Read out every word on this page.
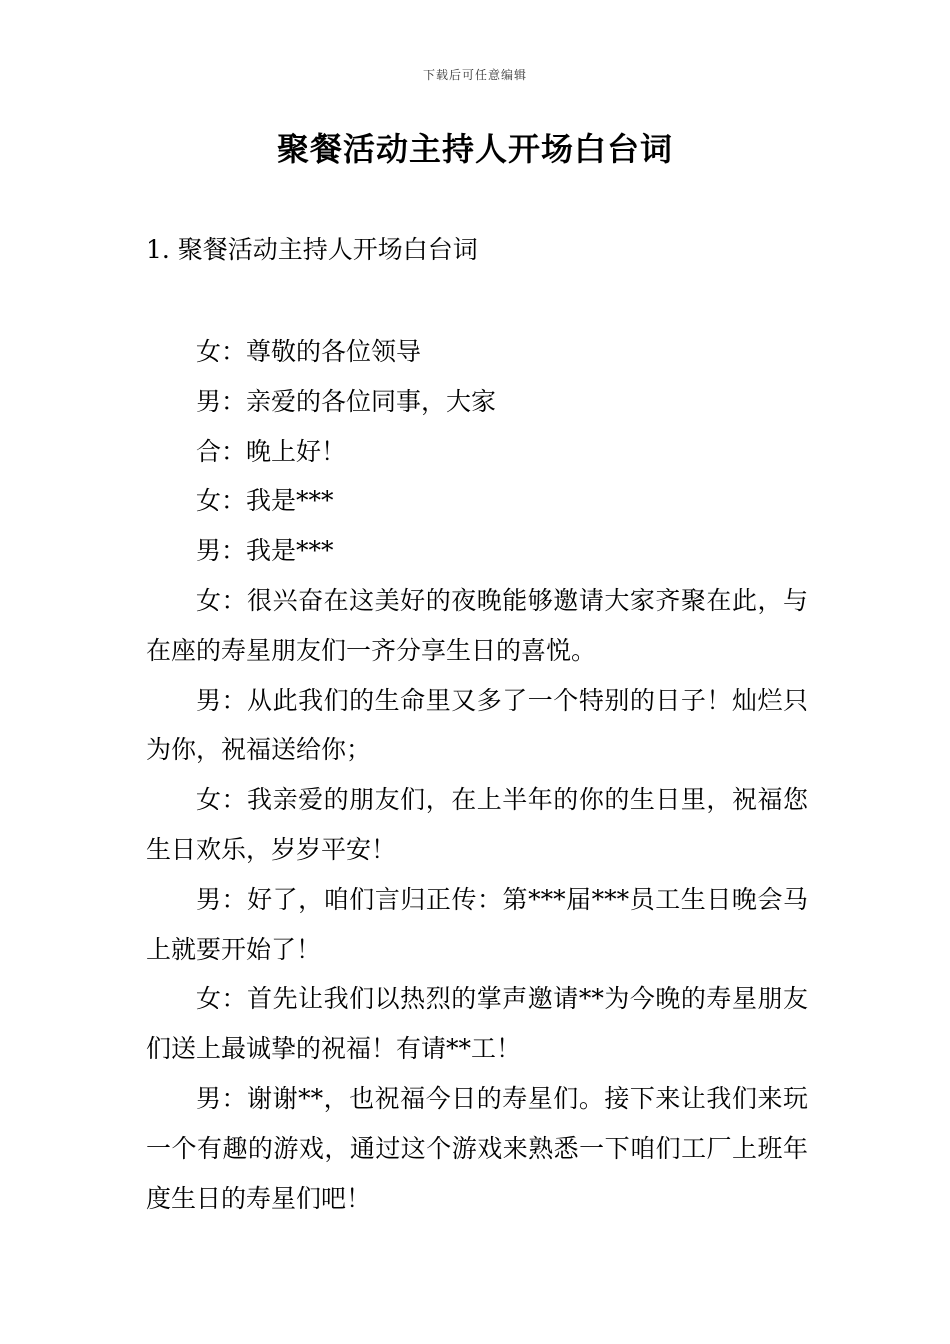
下载后可任意编辑
聚餐活动主持人开场白台词
1. 聚餐活动主持人开场白台词

女：尊敬的各位领导

男：亲爱的各位同事，大家

合：晚上好！

女：我是***

男：我是***

女：很兴奋在这美好的夜晚能够邀请大家齐聚在此，与在座的寿星朋友们一齐分享生日的喜悦。

男：从此我们的生命里又多了一个特别的日子！灿烂只为你，祝福送给你；

女：我亲爱的朋友们，在上半年的你的生日里，祝福您生日欢乐，岁岁平安！

男：好了，咱们言归正传：第***届***员工生日晚会马上就要开始了！

女：首先让我们以热烈的掌声邀请**为今晚的寿星朋友们送上最诚挚的祝福！有请**工！

男：谢谢**，也祝福今日的寿星们。接下来让我们来玩一个有趣的游戏，通过这个游戏来熟悉一下咱们工厂上班年度生日的寿星们吧！
